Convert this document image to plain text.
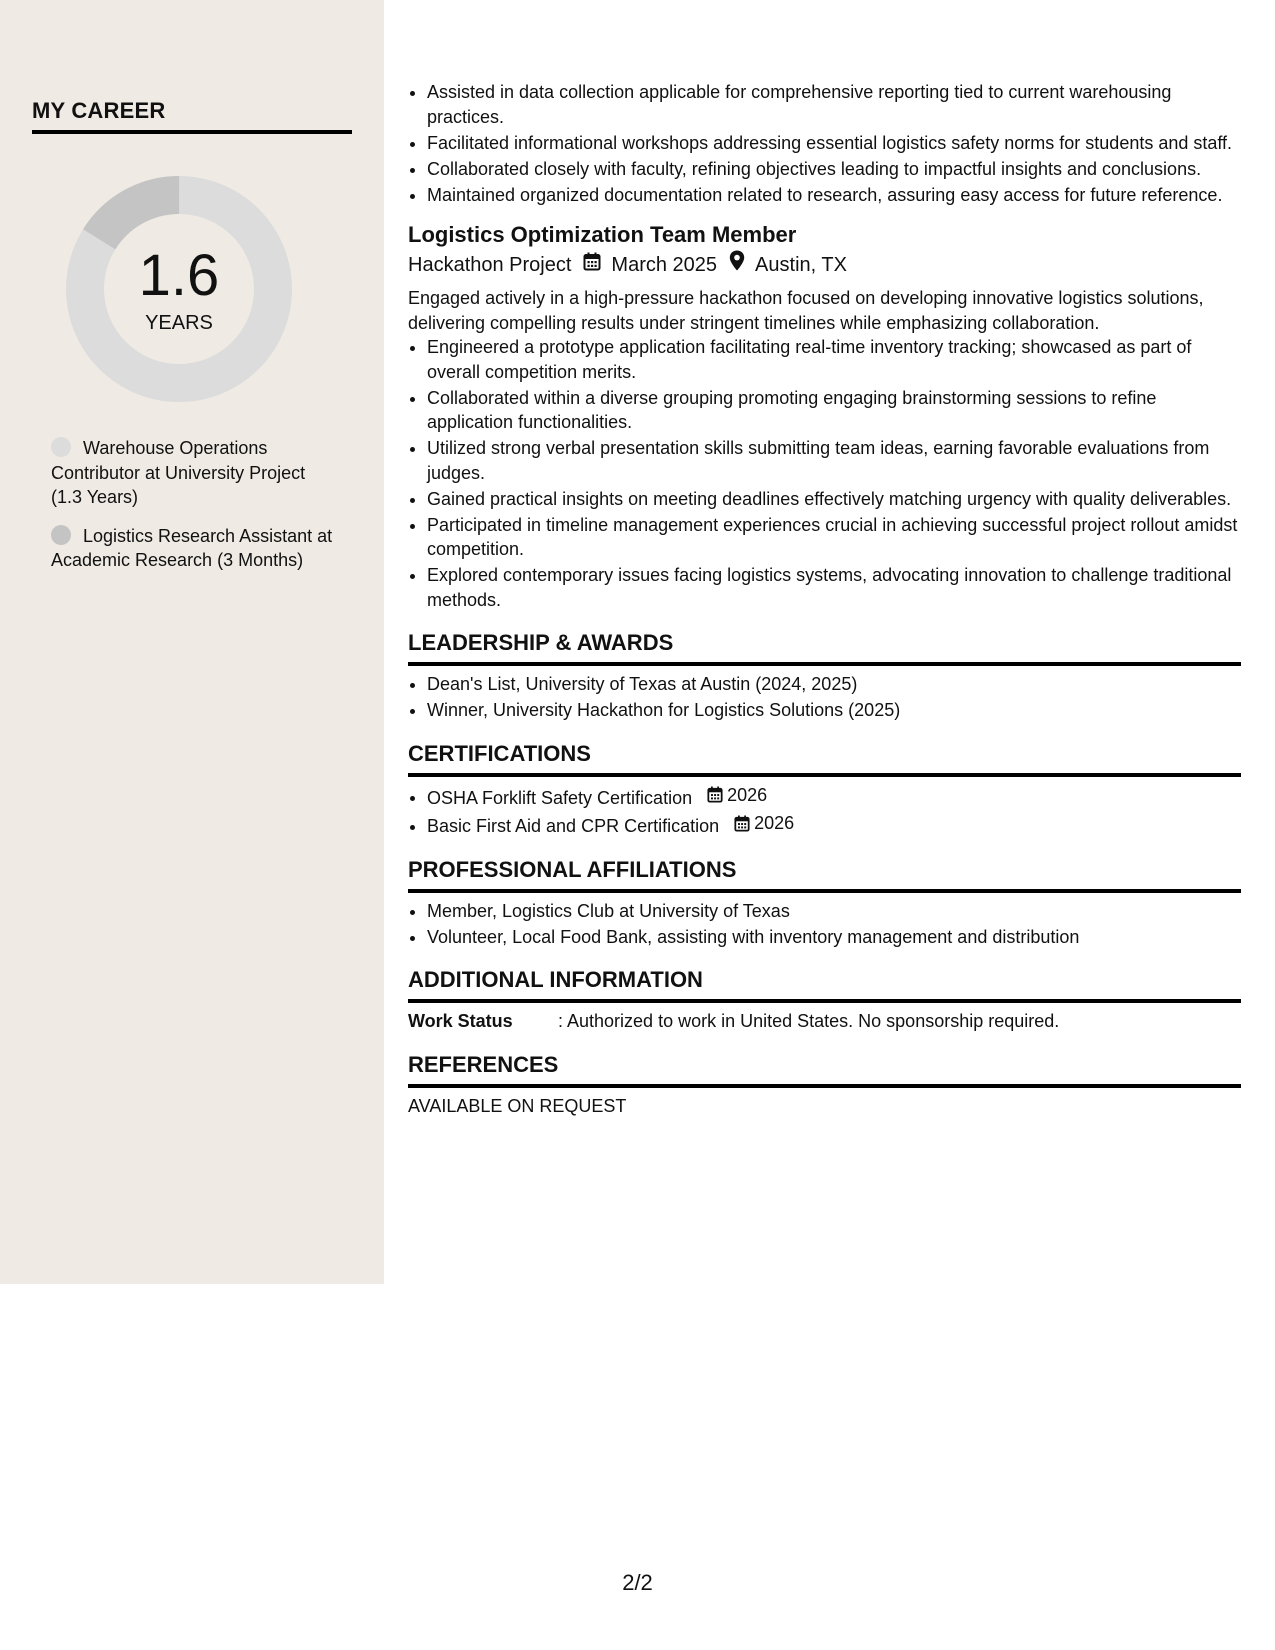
MY CAREER
1.6
YEARS
Warehouse Operations Contributor at University Project (1.3 Years)
Logistics Research Assistant at Academic Research (3 Months)
• Assisted in data collection applicable for comprehensive reporting tied to current warehousing practices.
• Facilitated informational workshops addressing essential logistics safety norms for students and staff.
• Collaborated closely with faculty, refining objectives leading to impactful insights and conclusions.
• Maintained organized documentation related to research, assuring easy access for future reference.
Logistics Optimization Team Member
Hackathon Project March 2025 Austin, TX

Engaged actively in a high-pressure hackathon focused on developing innovative logistics solutions, delivering compelling results under stringent timelines while emphasizing collaboration.

• Engineered a prototype application facilitating real-time inventory tracking; showcased as part of overall competition merits.
• Collaborated within a diverse grouping promoting engaging brainstorming sessions to refine application functionalities.
• Utilized strong verbal presentation skills submitting team ideas, earning favorable evaluations from judges.
• Gained practical insights on meeting deadlines effectively matching urgency with quality deliverables.
• Participated in timeline management experiences crucial in achieving successful project rollout amidst competition.
• Explored contemporary issues facing logistics systems, advocating innovation to challenge traditional methods.
LEADERSHIP & AWARDS
• Dean's List, University of Texas at Austin (2024, 2025)
• Winner, University Hackathon for Logistics Solutions (2025)
CERTIFICATIONS
• OSHA Forklift Safety Certification 2026
• Basic First Aid and CPR Certification 2026
PROFESSIONAL AFFILIATIONS
• Member, Logistics Club at University of Texas
• Volunteer, Local Food Bank, assisting with inventory management and distribution
ADDITIONAL INFORMATION
Work Status	: Authorized to work in United States. No sponsorship required.
REFERENCES
AVAILABLE ON REQUEST
2/2
